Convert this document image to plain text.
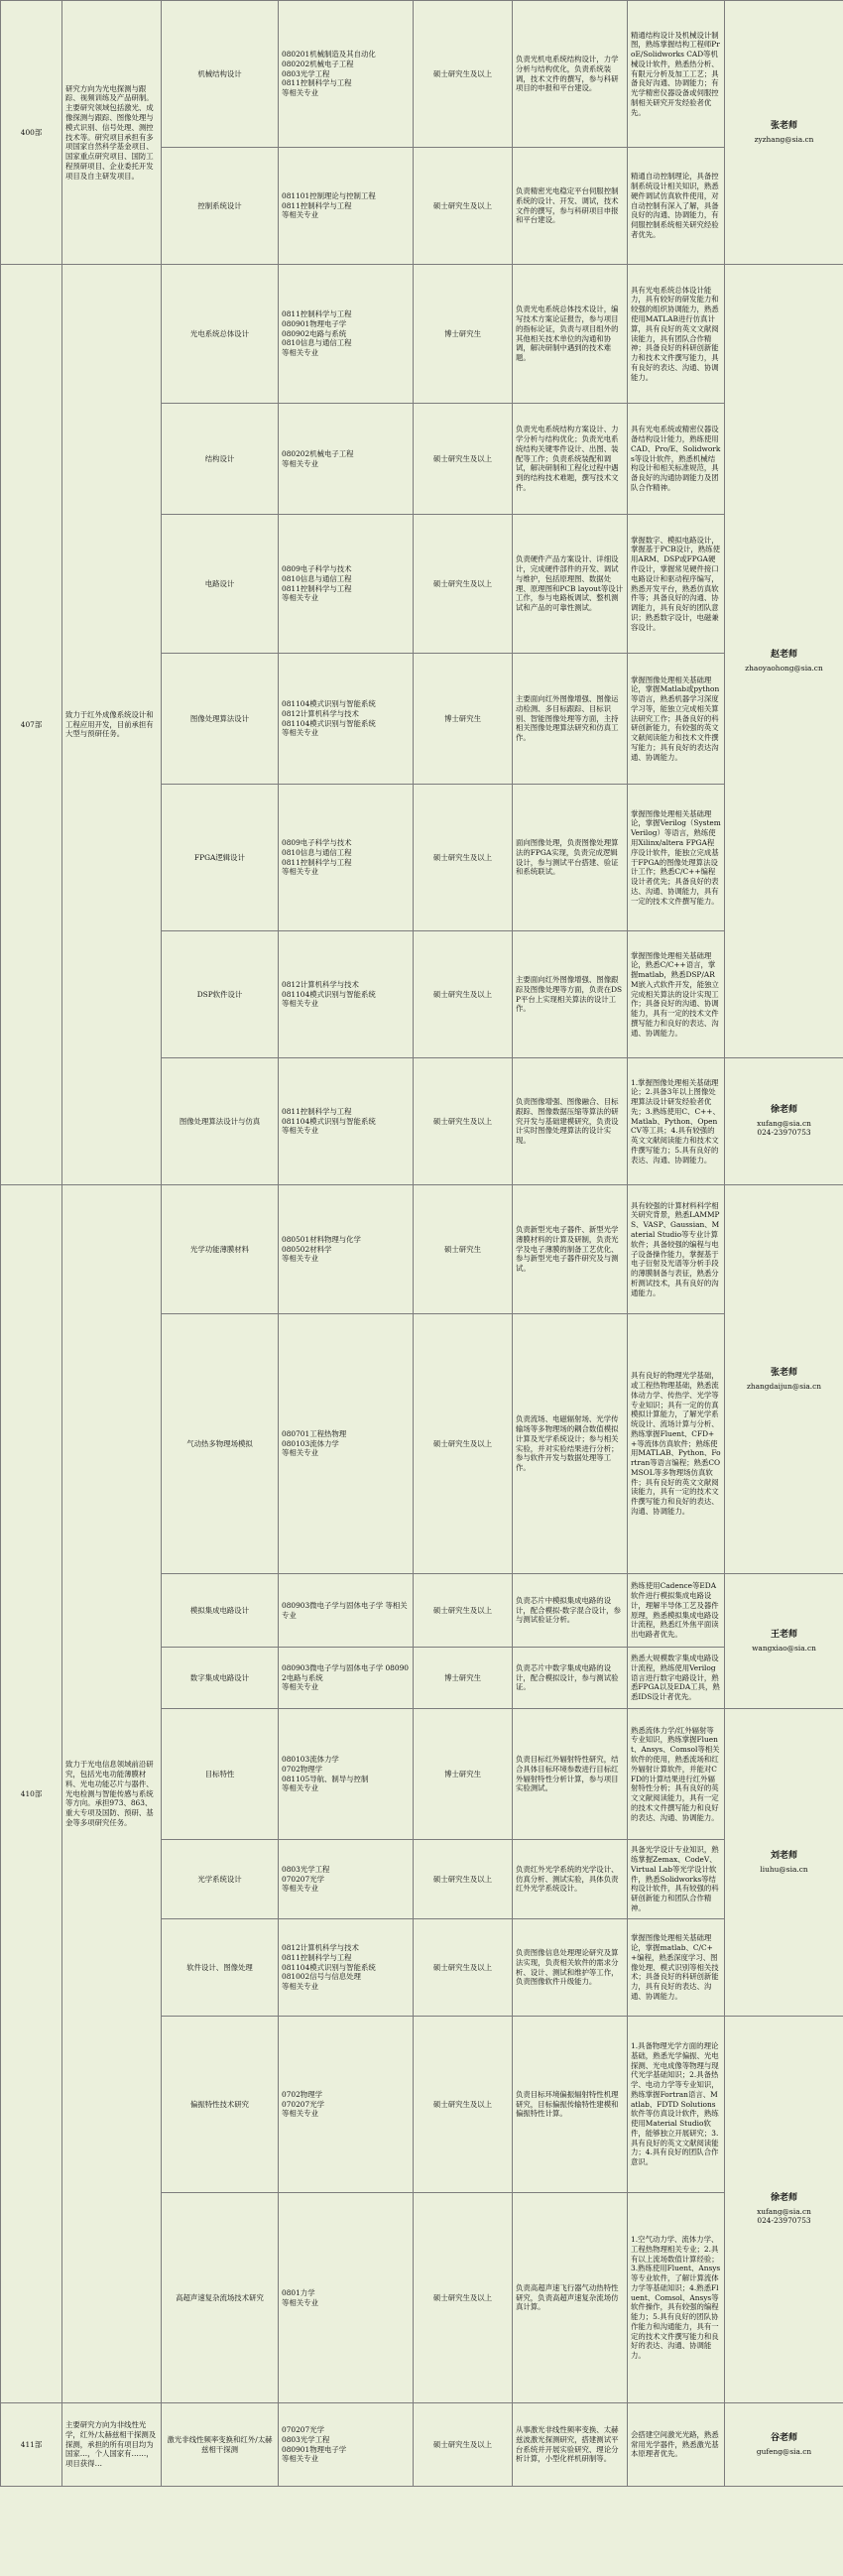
400部	研究方向为光电探测与跟踪、视频训练及产品研制。主要研究领域包括激光、成像探测与跟踪、图像处理与模式识别、信号处理、测控技术等。研究项目承担有多项国家自然科学基金项目、国家重点研究项目、国防工程预研项目、企业委托开发项目及自主研发项目。	机械结构设计	080201机械制造及其自动化
080202机械电子工程
0803光学工程
0811控制科学与工程
等相关专业	硕士研究生及以上	负责光机电系统结构设计，力学分析与结构优化，负责系统装调，技术文件的撰写，参与科研项目的申报和平台建设。	精通结构设计及机械设计制图，熟练掌握结构工程师ProE/Solidworks CAD等机械设计软件，熟悉热分析、有限元分析及加工工艺；具备良好沟通、协调能力；有光学精密仪器设备或伺服控制相关研究开发经验者优先。	张老师
zyzhang@sia.cn
		控制系统设计	081101控制理论与控制工程
0811控制科学与工程
等相关专业	硕士研究生及以上	负责精密光电稳定平台伺服控制系统的设计、开发、调试，技术文件的撰写，参与科研项目申报和平台建设。	精通自动控制理论，具备控制系统设计相关知识，熟悉硬件调试仿真软件使用，对自动控制有深入了解，具备良好的沟通、协调能力，有伺服控制系统相关研究经验者优先。	
407部	致力于红外成像系统设计和工程应用开发，目前承担有大型与预研任务。	光电系统总体设计	0811控制科学与工程
080901物理电子学
080902电路与系统
0810信息与通信工程
等相关专业	博士研究生	负责光电系统总体技术设计，编写技术方案论证报告，参与项目的指标论证，负责与项目组外的其他相关技术单位的沟通和协调，解决研制中遇到的技术难题。	具有光电系统总体设计能力，具有较好的研发能力和较强的组织协调能力，熟悉使用MATLAB进行仿真计算，具有良好的英文文献阅读能力，具有团队合作精神；具备良好的科研创新能力和技术文件撰写能力，具有良好的表达、沟通、协调能力。	赵老师
zhaoyaohong@sia.cn
		结构设计	080202机械电子工程
等相关专业	硕士研究生及以上	负责光电系统结构方案设计、力学分析与结构优化；负责光电系统结构关键零件设计、出图、装配等工作；负责系统装配和调试，解决研制和工程化过程中遇到的结构技术难题，撰写技术文件。	具有光电系统或精密仪器设备结构设计能力，熟练使用CAD、Pro/E、Solidworks等设计软件，熟悉机械结构设计和相关标准规范，具备良好的沟通协调能力及团队合作精神。	
		电路设计	0809电子科学与技术
0810信息与通信工程
0811控制科学与工程
等相关专业	硕士研究生及以上	负责硬件产品方案设计、详细设计，完成硬件部件的开发、调试与维护，包括原理图、数据处理、原理图和PCB layout等设计工作，参与电路板调试、整机测试和产品的可靠性测试。	掌握数字、模拟电路设计，掌握基于PCB设计，熟练使用ARM、DSP或FPGA硬件设计，掌握常见硬件接口电路设计和驱动程序编写，熟悉开发平台，熟悉仿真软件等；具备良好的沟通、协调能力，具有良好的团队意识；熟悉数字设计，电磁兼容设计。	
		图像处理算法设计	081104模式识别与智能系统
0812计算机科学与技术
081104模式识别与智能系统
等相关专业	博士研究生	主要面向红外图像增强、图像运动检测、多目标跟踪、目标识别、智能图像处理等方面，主持相关图像处理算法研究和仿真工作。	掌握图像处理相关基础理论，掌握Matlab或python等语言，熟悉机器学习深度学习等，能独立完成相关算法研究工作；具备良好的科研创新能力，有较强的英文文献阅读能力和技术文件撰写能力；具有良好的表达沟通、协调能力。	
		FPGA逻辑设计	0809电子科学与技术
0810信息与通信工程
0811控制科学与工程
等相关专业	硕士研究生及以上	面向图像处理，负责图像处理算法的FPGA实现，负责完成逻辑设计，参与测试平台搭建、验证和系统联试。	掌握图像处理相关基础理论，掌握Verilog（SystemVerilog）等语言，熟练使用Xilinx/altera FPGA程序设计软件，能独立完成基于FPGA的图像处理算法设计工作；熟悉C/C++编程设计者优先；具备良好的表达、沟通、协调能力，具有一定的技术文件撰写能力。	
		DSP软件设计	0812计算机科学与技术
081104模式识别与智能系统
等相关专业	硕士研究生及以上	主要面向红外图像增强、图像跟踪及图像处理等方面，负责在DSP平台上实现相关算法的设计工作。	掌握图像处理相关基础理论，熟悉C/C++语言，掌握matlab，熟悉DSP/ARM嵌入式软件开发，能独立完成相关算法的设计实现工作；具备良好的沟通、协调能力，具有一定的技术文件撰写能力和良好的表达、沟通、协调能力。	
		图像处理算法设计与仿真	0811控制科学与工程
081104模式识别与智能系统
等相关专业	硕士研究生及以上	负责图像增强、图像融合、目标跟踪、图像数据压缩等算法的研究开发与基础建模研究，负责设计实时图像处理算法的设计实现。	1.掌握图像处理相关基础理论；2.具备3年以上图像处理算法设计研发经验者优先；3.熟练使用C、C++、Matlab、Python、OpenCV等工具；4.具有较强的英文文献阅读能力和技术文件撰写能力；5.具有良好的表达、沟通、协调能力。	徐老师
xufang@sia.cn
024-23970753
410部	致力于光电信息领域前沿研究，包括光电功能薄膜材料、光电功能芯片与器件、光电检测与智能传感与系统等方向。承担973、863、重大专项及国防、预研、基金等多项研究任务。	光学功能薄膜材料	080501材料物理与化学
080502材料学
等相关专业	硕士研究生	负责新型光电子器件、新型光学薄膜材料的计算及研制，负责光学及电子薄膜的制备工艺优化、参与新型光电子器件研究及与测试。	具有较强的计算材料科学相关研究背景，熟悉LAMMPS、VASP、Gaussian、Material Studio等专业计算软件；具备较强的编程与电子设备操作能力，掌握基于电子衍射及光谱等分析手段的薄膜制备与表征，熟悉分析测试技术，具有良好的沟通能力。	张老师
zhangdaijun@sia.cn
		气动热多物理场模拟	080701工程热物理
080103流体力学
等相关专业	硕士研究生及以上	负责流场、电磁辐射场、光学传输场等多物理场的耦合数值模拟计算及光学系统设计；参与相关实验，并对实验结果进行分析；参与软件开发与数据处理等工作。	具有良好的物理光学基础，或工程热物理基础，熟悉流体动力学、传热学、光学等专业知识；具有一定的仿真模拟计算能力，了解光学系统设计、流场计算与分析、熟练掌握Fluent、CFD++等流体仿真软件；熟练使用MATLAB、Python、Fortran等语言编程；熟悉COMSOL等多物理场仿真软件；具有良好的英文文献阅读能力，具有一定的技术文件撰写能力和良好的表达、沟通、协调能力。	
		模拟集成电路设计	080903微电子学与固体电子学 等相关专业	硕士研究生及以上	负责芯片中模拟集成电路的设计，配合模拟-数字混合设计，参与测试验证分析。	熟练使用Cadence等EDA软件进行模拟集成电路设计，理解半导体工艺及器件原理，熟悉模拟集成电路设计流程，熟悉红外焦平面读出电路者优先。	王老师
wangxiao@sia.cn
		数字集成电路设计	080903微电子学与固体电子学 080902电路与系统
等相关专业	博士研究生	负责芯片中数字集成电路的设计，配合模拟设计，参与测试验证。	熟悉大规模数字集成电路设计流程，熟练使用Verilog语言进行数字电路设计，熟悉FPGA以及EDA工具，熟悉IDS设计者优先。	
		目标特性	080103流体力学
0702物理学
081105导航、制导与控制
等相关专业	博士研究生	负责目标红外辐射特性研究，结合具体目标环境参数进行目标红外辐射特性分析计算，参与项目实验测试。	熟悉流体力学/红外辐射等专业知识，熟练掌握Fluent、Ansys、Comsol等相关软件的使用，熟悉流场和红外辐射计算软件，并能对CFD的计算结果进行红外辐射特性分析；具有良好的英文文献阅读能力，具有一定的技术文件撰写能力和良好的表达、沟通、协调能力。	刘老师
liuhu@sia.cn
		光学系统设计	0803光学工程
070207光学
等相关专业	硕士研究生及以上	负责红外光学系统的光学设计、仿真分析、测试实验，具体负责红外光学系统设计。	具备光学设计专业知识，熟练掌握Zemax、CodeV、Virtual Lab等光学设计软件，熟悉Solidworks等结构设计软件，具有较强的科研创新能力和团队合作精神。	
		软件设计、图像处理	0812计算机科学与技术
0811控制科学与工程
081104模式识别与智能系统
081002信号与信息处理
等相关专业	硕士研究生及以上	负责图像信息处理理论研究及算法实现，负责相关软件的需求分析、设计、测试和维护等工作，负责图像软件升级能力。	掌握图像处理相关基础理论，掌握matlab、C/C++编程，熟悉深度学习、图像处理、模式识别等相关技术；具备良好的科研创新能力，具有良好的表达、沟通、协调能力。	
		偏振特性技术研究	0702物理学
070207光学
等相关专业	硕士研究生及以上	负责目标环境偏振辐射特性机理研究，目标偏振传输特性建模和偏振特性计算。	1.具备物理光学方面的理论基础，熟悉光学偏振、光电探测、光电成像等物理与现代光学基础知识；2.具备热学、电动力学等专业知识，熟练掌握Fortran语言、Matlab、FDTD Solutions软件等仿真设计软件，熟练使用Material Studio软件，能够独立开展研究；3.具有良好的英文文献阅读能力；4.具有良好的团队合作意识。	徐老师
xufang@sia.cn
024-23970753
		高超声速复杂流场技术研究	0801力学
等相关专业	硕士研究生及以上	负责高超声速飞行器气动热特性研究，负责高超声速复杂流场仿真计算。	1.空气动力学、流体力学、工程热物理相关专业；2.具有以上流场数值计算经验；3.熟练使用Fluent、Ansys等专业软件，了解计算流体力学等基础知识；4.熟悉Fluent、Comsol、Ansys等软件操作，具有较强的编程能力；5.具有良好的团队协作能力和沟通能力，具有一定的技术文件撰写能力和良好的表达、沟通、协调能力。	
411部	主要研究方向为非线性光学，红外/太赫兹相干探测及探测，承担的所有项目均为国家…，个人国家有……，项目获得…	激光非线性频率变换和红外/太赫兹相干探测	070207光学
0803光学工程
080901物理电子学
等相关专业	硕士研究生及以上	从事激光非线性频率变换、太赫兹波激光探测研究，搭建测试平台系统并开展实验研究、理论分析计算，小型化样机研制等。	会搭建空间激光光路，熟悉常用光学器件，熟悉激光基本原理者优先。	谷老师
gufeng@sia.cn
